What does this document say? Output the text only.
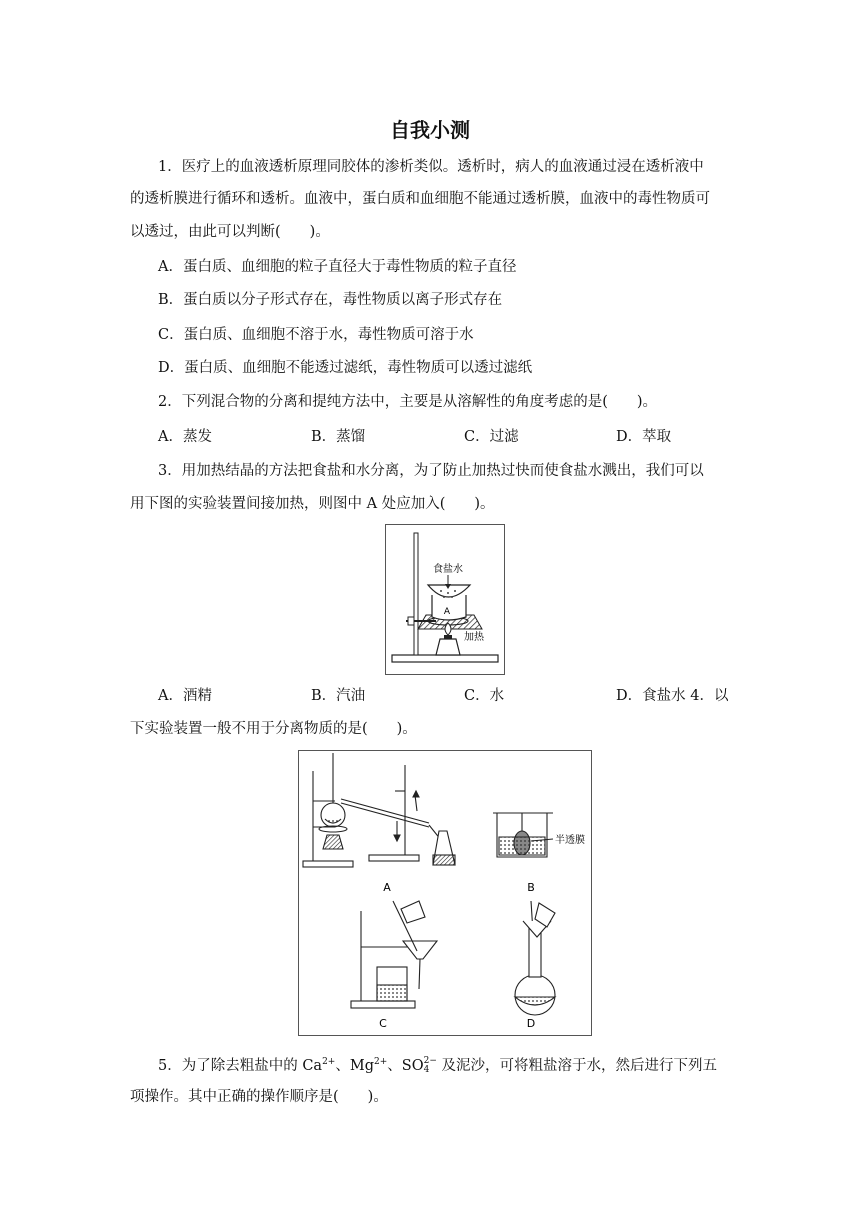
自我小测
1．医疗上的血液透析原理同胶体的渗析类似。透析时，病人的血液通过浸在透析液中
的透析膜进行循环和透析。血液中，蛋白质和血细胞不能通过透析膜，血液中的毒性物质可
以透过，由此可以判断(　　)。
A．蛋白质、血细胞的粒子直径大于毒性物质的粒子直径
B．蛋白质以分子形式存在，毒性物质以离子形式存在
C．蛋白质、血细胞不溶于水，毒性物质可溶于水
D．蛋白质、血细胞不能透过滤纸，毒性物质可以透过滤纸
2．下列混合物的分离和提纯方法中，主要是从溶解性的角度考虑的是(　　)。
A．蒸发	B．蒸馏	C．过滤	D．萃取
3．用加热结晶的方法把食盐和水分离，为了防止加热过快而使食盐水溅出，我们可以
用下图的实验装置间接加热，则图中 A 处应加入(　　)。
食盐水
A
加热
A．酒精	B．汽油	C．水	D．食盐水 4．以
下实验装置一般不用于分离物质的是(　　)。
A	B
C	D
半透膜
5．为了除去粗盐中的 $Ca^{2+}$、$Mg^{2+}$、SO 2−
4 及泥沙，可将粗盐溶于水，然后进行下列五
项操作。其中正确的操作顺序是(　　)。
